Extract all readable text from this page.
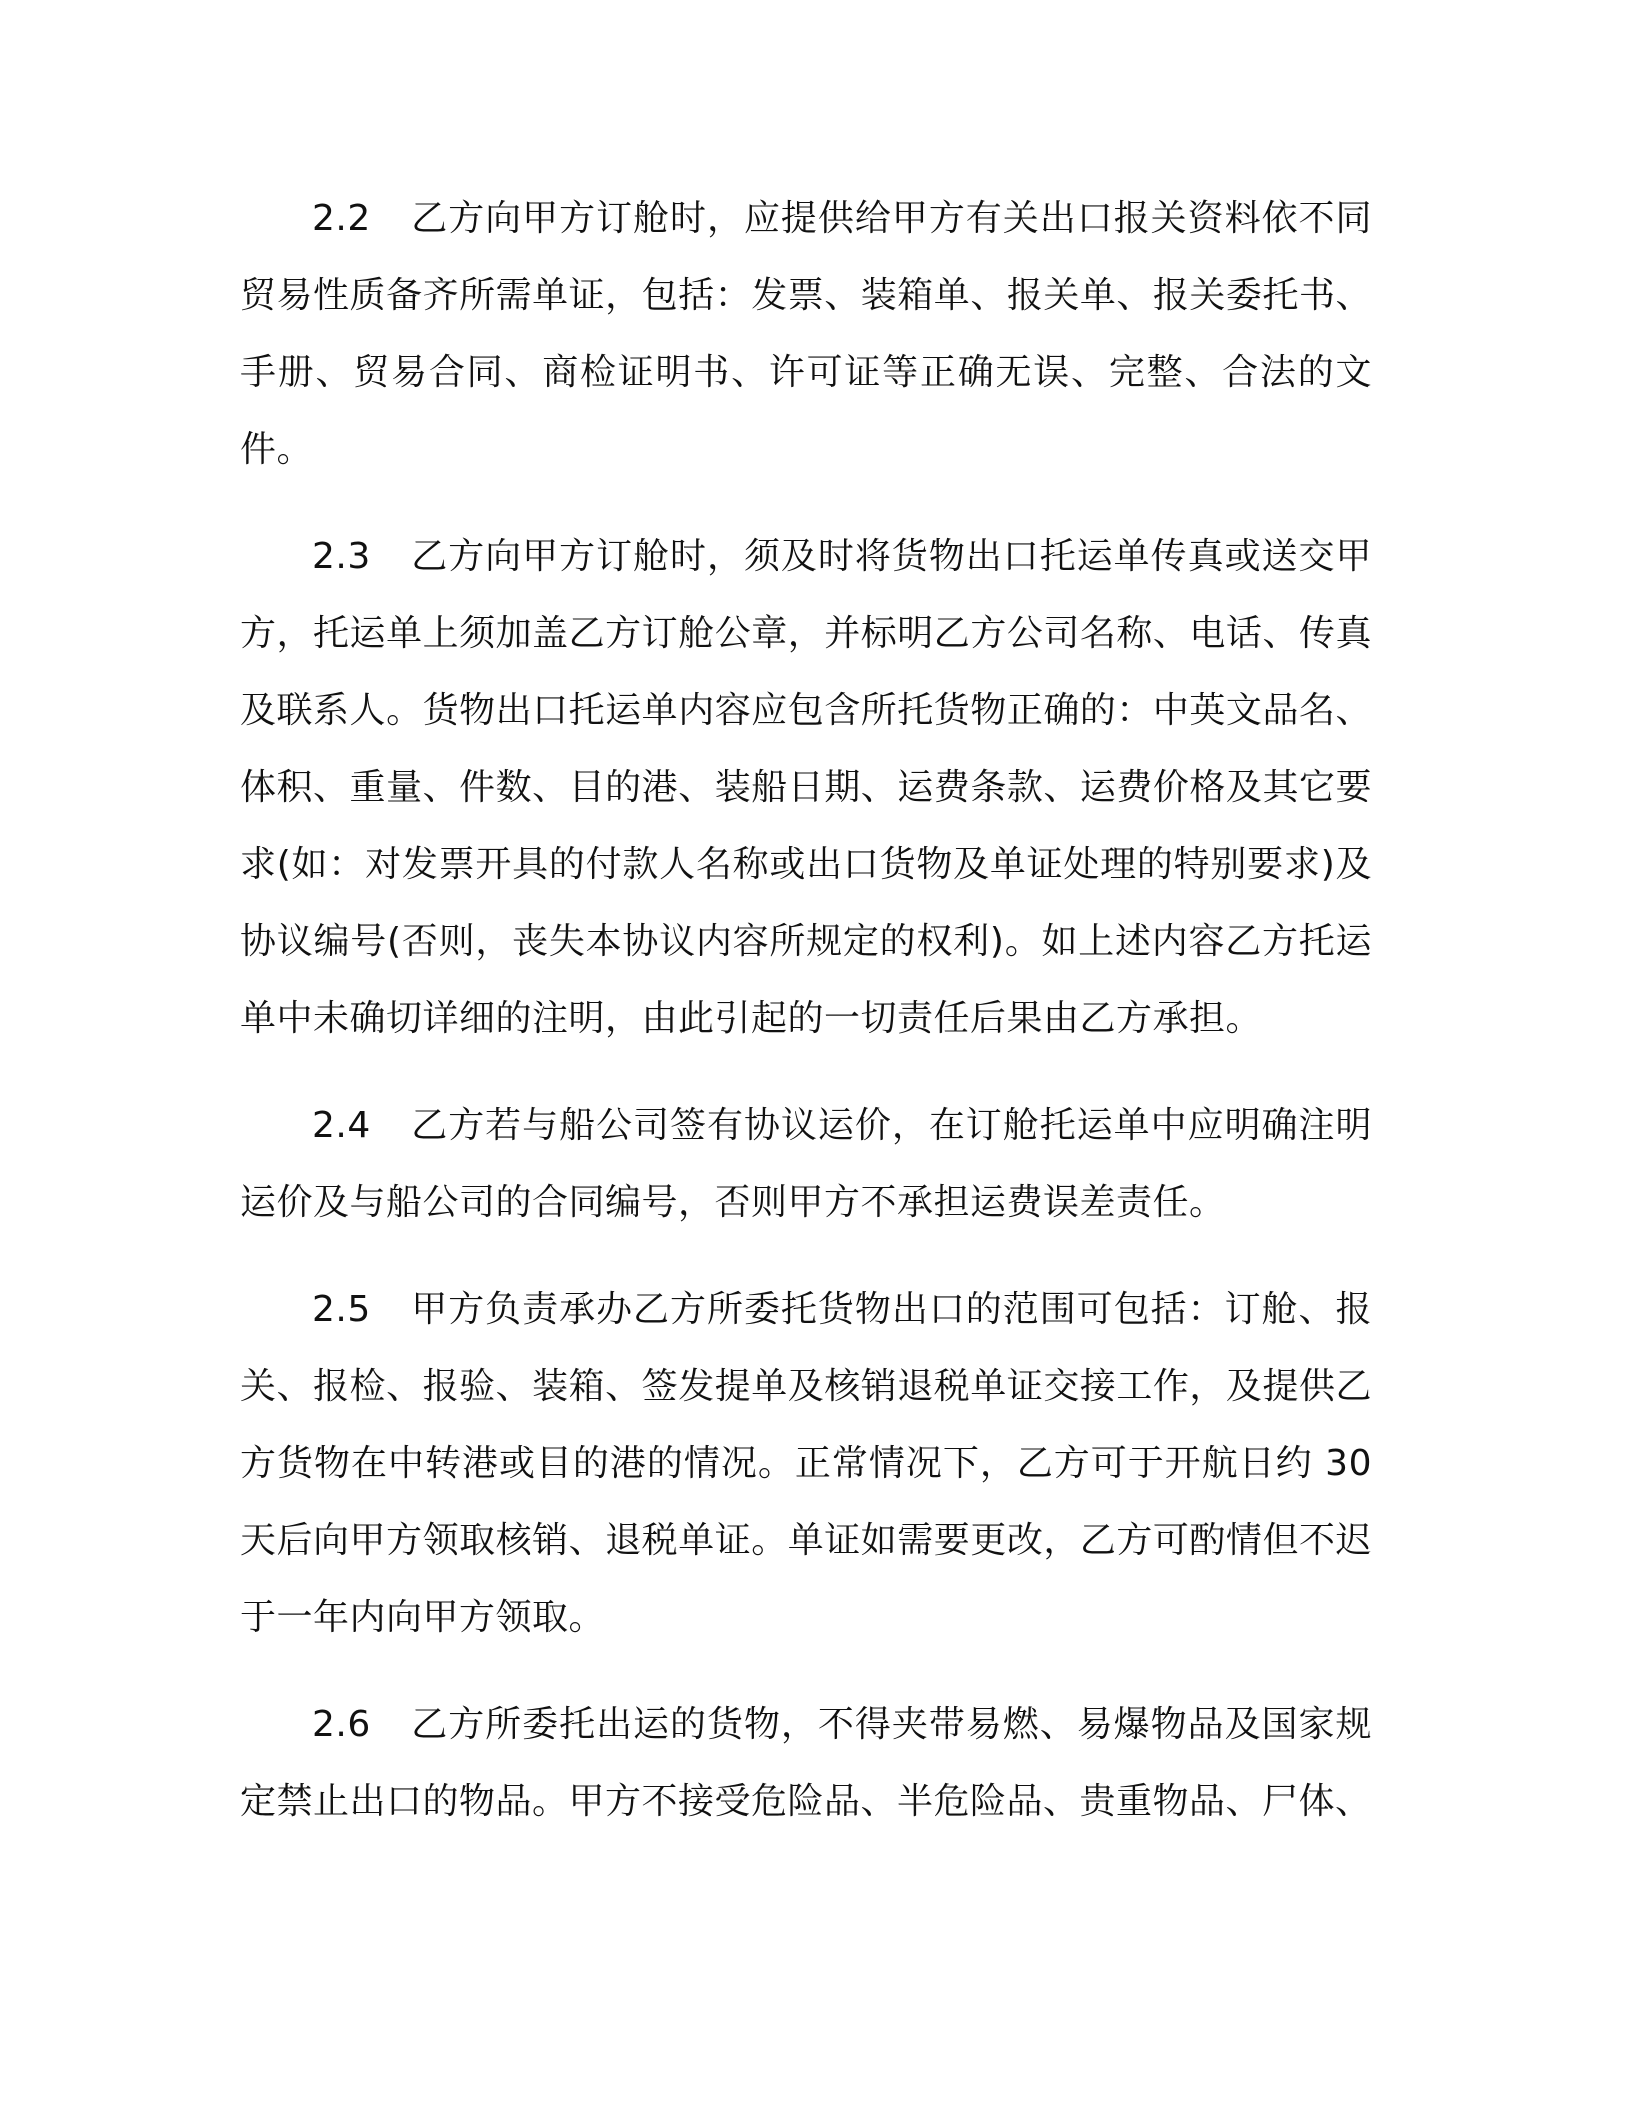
2.2 乙方向甲方订舱时，应提供给甲方有关出口报关资料依不同贸易性质备齐所需单证，包括：发票、装箱单、报关单、报关委托书、手册、贸易合同、商检证明书、许可证等正确无误、完整、合法的文件。

2.3 乙方向甲方订舱时，须及时将货物出口托运单传真或送交甲方，托运单上须加盖乙方订舱公章，并标明乙方公司名称、电话、传真及联系人。货物出口托运单内容应包含所托货物正确的：中英文品名、体积、重量、件数、目的港、装船日期、运费条款、运费价格及其它要求(如：对发票开具的付款人名称或出口货物及单证处理的特别要求)及协议编号(否则，丧失本协议内容所规定的权利)。如上述内容乙方托运单中未确切详细的注明，由此引起的一切责任后果由乙方承担。

2.4 乙方若与船公司签有协议运价，在订舱托运单中应明确注明运价及与船公司的合同编号，否则甲方不承担运费误差责任。

2.5 甲方负责承办乙方所委托货物出口的范围可包括：订舱、报关、报检、报验、装箱、签发提单及核销退税单证交接工作，及提供乙方货物在中转港或目的港的情况。正常情况下，乙方可于开航日约 30 天后向甲方领取核销、退税单证。单证如需要更改，乙方可酌情但不迟于一年内向甲方领取。

2.6 乙方所委托出运的货物，不得夹带易燃、易爆物品及国家规定禁止出口的物品。甲方不接受危险品、半危险品、贵重物品、尸体、
